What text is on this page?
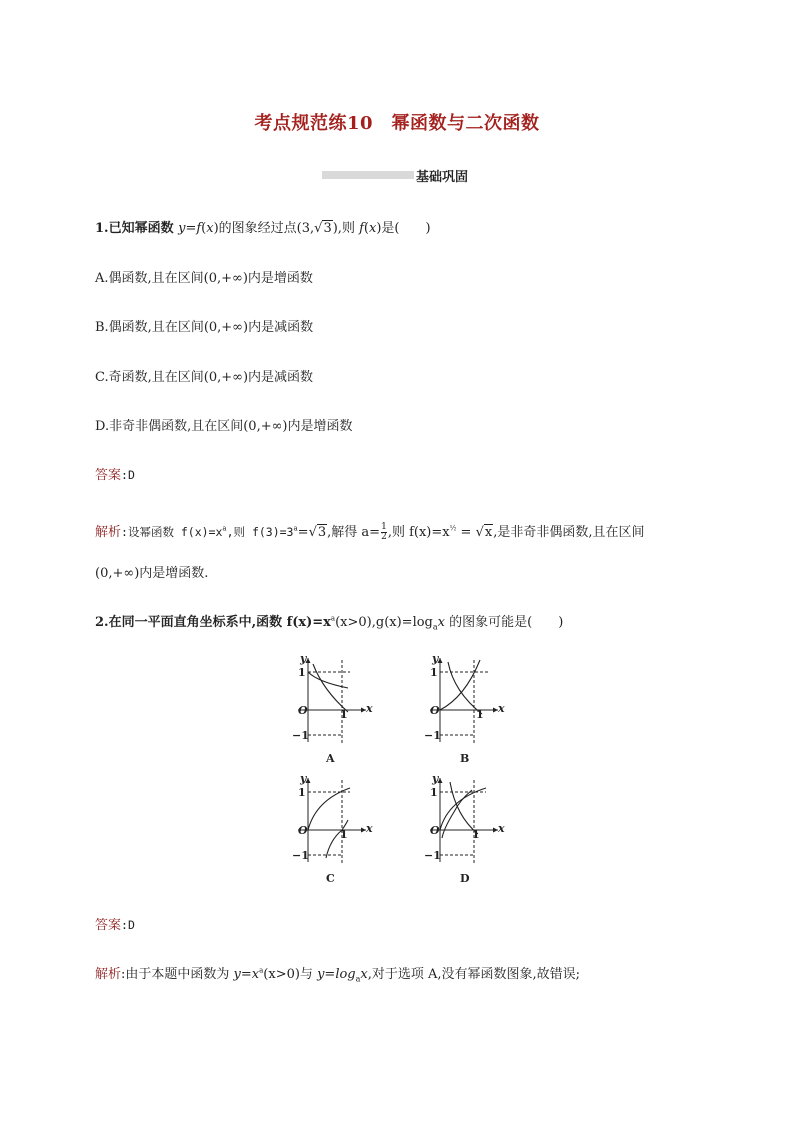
考点规范练10　幂函数与二次函数
基础巩固
1.已知幂函数 y=f(x)的图象经过点(3,√3),则 f(x)是(　　)
A.偶函数,且在区间(0,+∞)内是增函数
B.偶函数,且在区间(0,+∞)内是减函数
C.奇函数,且在区间(0,+∞)内是减函数
D.非奇非偶函数,且在区间(0,+∞)内是增函数
答案:D
解析:设幂函数 $f(x)=x^a$,则 $f(3)=3^a=√3$,解得 $a= \frac{1}{2}$ ,则 $f(x)=x^{\frac{1}{2}} = √x$,是非奇非偶函数,且在区间
(0,+∞)内是增函数.
2.在同一平面直角坐标系中,函数 $f(x)=x^a(x>0),g(x)=\log_ax$ 的图象可能是(　　)
y
1
O	1 x
−1
A
y
1
O	1 x
−1
B
y
1
O	1 x
−1
C
y
1
O	1 x
−1
D
答案:D
解析:由于本题中函数为 $y=x^a(x>0)$与 $y=\log_ax$,对于选项 A,没有幂函数图象,故错误;
